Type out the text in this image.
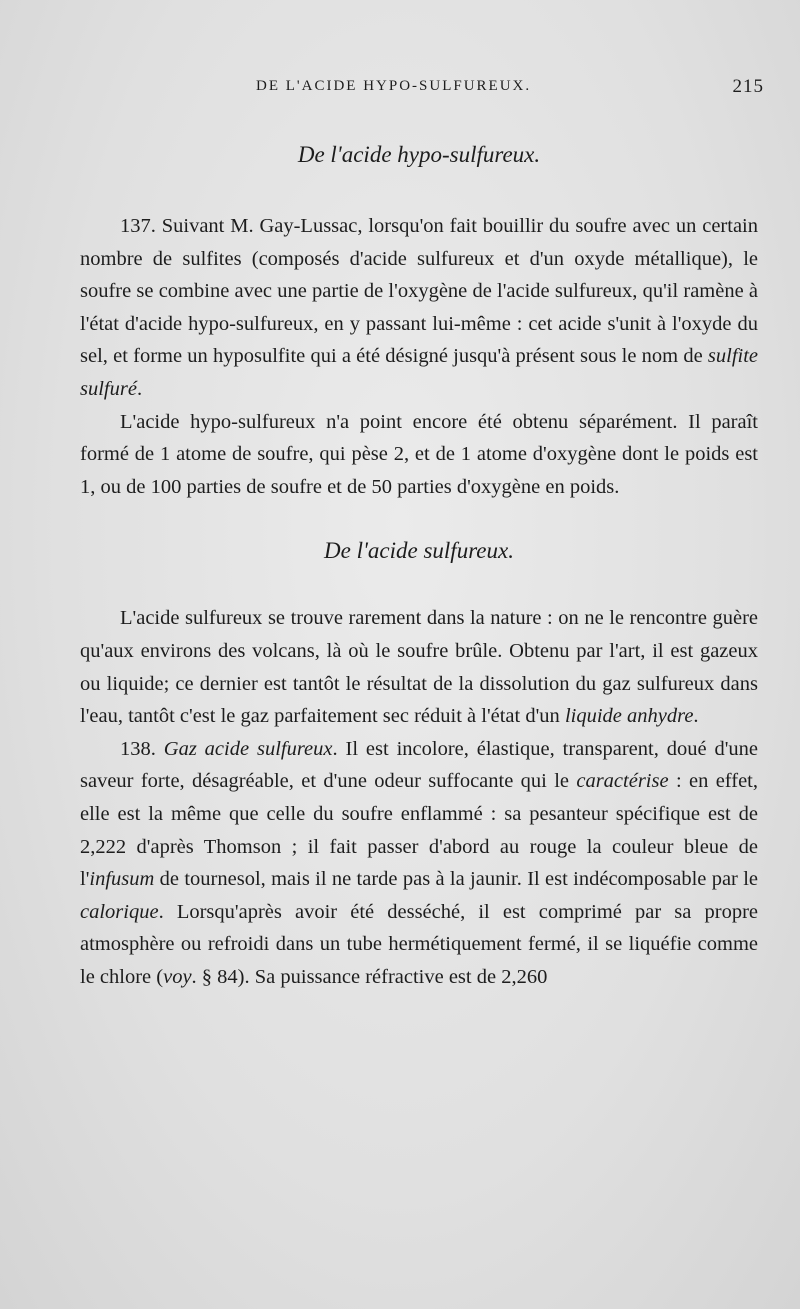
DE L'ACIDE HYPO-SULFUREUX.	215
De l'acide hypo-sulfureux.

137. Suivant M. Gay-Lussac, lorsqu'on fait bouillir du soufre avec un certain nombre de sulfites (composés d'acide sulfureux et d'un oxyde métallique), le soufre se combine avec une partie de l'oxygène de l'acide sulfureux, qu'il ramène à l'état d'acide hypo-sulfureux, en y passant lui-même : cet acide s'unit à l'oxyde du sel, et forme un hyposulfite qui a été désigné jusqu'à présent sous le nom de sulfite sulfuré.

L'acide hypo-sulfureux n'a point encore été obtenu séparément. Il paraît formé de 1 atome de soufre, qui pèse 2, et de 1 atome d'oxygène dont le poids est 1, ou de 100 parties de soufre et de 50 parties d'oxygène en poids.

De l'acide sulfureux.

L'acide sulfureux se trouve rarement dans la nature : on ne le rencontre guère qu'aux environs des volcans, là où le soufre brûle. Obtenu par l'art, il est gazeux ou liquide; ce dernier est tantôt le résultat de la dissolution du gaz sulfureux dans l'eau, tantôt c'est le gaz parfaitement sec réduit à l'état d'un liquide anhydre.

138. Gaz acide sulfureux. Il est incolore, élastique, transparent, doué d'une saveur forte, désagréable, et d'une odeur suffocante qui le caractérise : en effet, elle est la même que celle du soufre enflammé : sa pesanteur spécifique est de 2,222 d'après Thomson ; il fait passer d'abord au rouge la couleur bleue de l'infusum de tournesol, mais il ne tarde pas à la jaunir. Il est indécomposable par le calorique. Lorsqu'après avoir été desséché, il est comprimé par sa propre atmosphère ou refroidi dans un tube hermétiquement fermé, il se liquéfie comme le chlore (voy. § 84). Sa puissance réfractive est de 2,260
